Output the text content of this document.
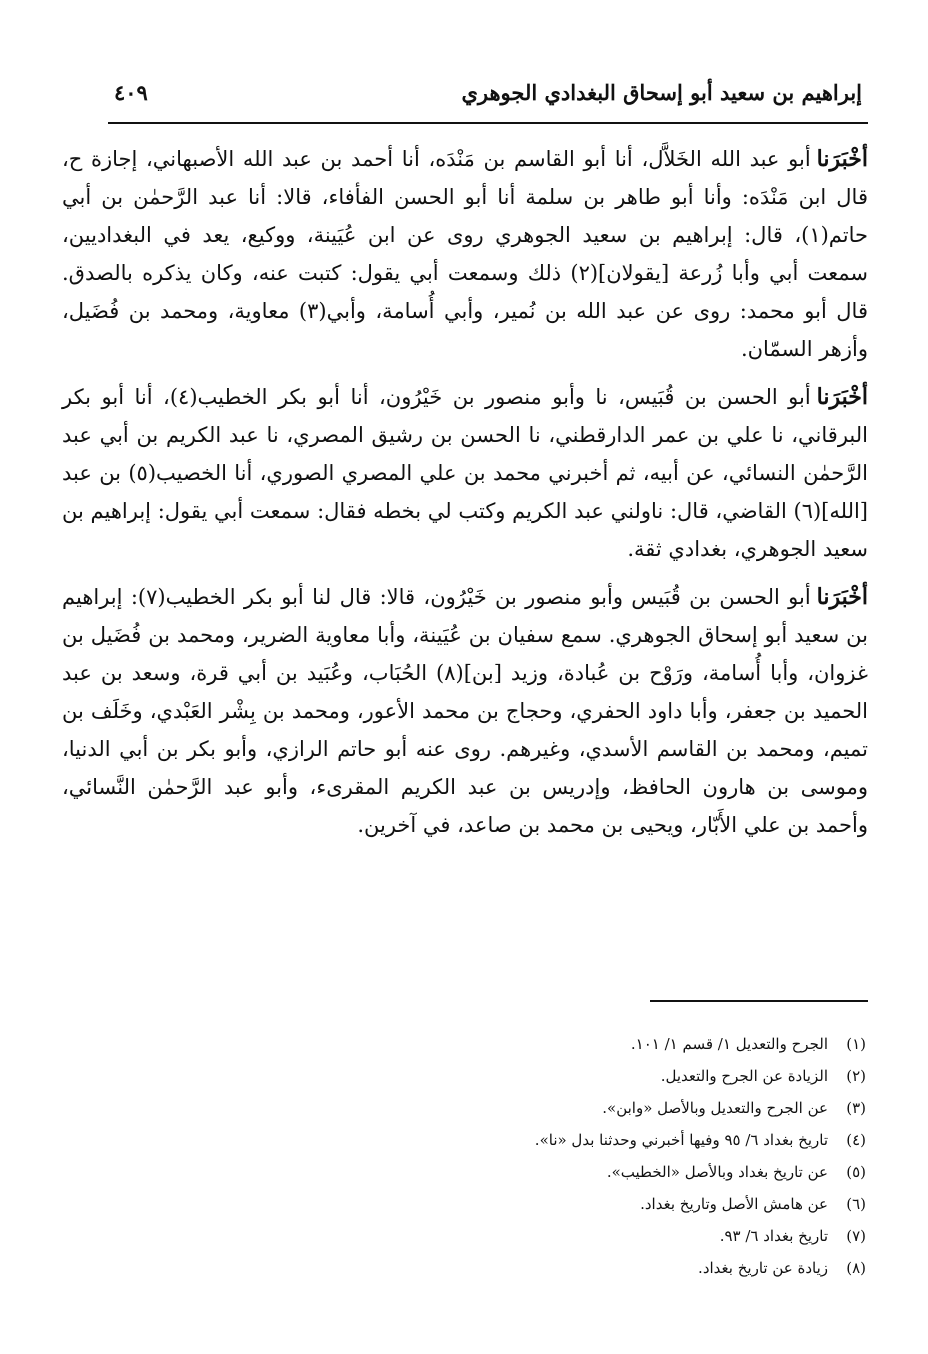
إبراهيم بن سعيد أبو إسحاق البغدادي الجوهري
٤٠٩

أخْبَرَناأبو عبد الله الخَلاَّل، أنا أبو القاسم بن مَنْدَه، أنا أحمد بن عبد الله الأصبهاني، إجازة ح، قال ابن مَنْدَه: وأنا أبو طاهر بن سلمة أنا أبو الحسن الفأفاء، قالا: أنا عبد الرَّحمٰن بن أبي حاتم(١)، قال: إبراهيم بن سعيد الجوهري روى عن ابن عُيَينة، ووكيع، يعد في البغداديين، سمعت أبي وأبا زُرعة [يقولان](٢) ذلك وسمعت أبي يقول: كتبت عنه، وكان يذكره بالصدق. قال أبو محمد: روى عن عبد الله بن نُمير، وأبي أُسامة، وأبي(٣) معاوية، ومحمد بن فُضَيل، وأزهر السمّان.

أخْبَرَناأبو الحسن بن قُبَيس، نا وأبو منصور بن خَيْرُون، أنا أبو بكر الخطيب(٤)، أنا أبو بكر البرقاني، نا علي بن عمر الدارقطني، نا الحسن بن رشيق المصري، نا عبد الكريم بن أبي عبد الرَّحمٰن النسائي، عن أبيه، ثم أخبرني محمد بن علي المصري الصوري، أنا الخصيب(٥) بن عبد [الله](٦) القاضي، قال: ناولني عبد الكريم وكتب لي بخطه فقال: سمعت أبي يقول: إبراهيم بن سعيد الجوهري، بغدادي ثقة.

أخْبَرَناأبو الحسن بن قُبَيس وأبو منصور بن خَيْرُون، قالا: قال لنا أبو بكر الخطيب(٧): إبراهيم بن سعيد أبو إسحاق الجوهري. سمع سفيان بن عُيَينة، وأبا معاوية الضرير، ومحمد بن فُضَيل بن غزوان، وأبا أُسامة، ورَوْح بن عُبادة، وزيد [بن](٨) الحُبَاب، وعُبَيد بن أبي قرة، وسعد بن عبد الحميد بن جعفر، وأبا داود الحفري، وحجاج بن محمد الأعور، ومحمد بن بِشْر العَبْدي، وخَلَف بن تميم، ومحمد بن القاسم الأسدي، وغيرهم. روى عنه أبو حاتم الرازي، وأبو بكر بن أبي الدنيا، وموسى بن هارون الحافظ، وإدريس بن عبد الكريم المقرىء، وأبو عبد الرَّحمٰن النَّسائي، وأحمد بن علي الأَبّار، ويحيى بن محمد بن صاعد، في آخرين.

(١)
الجرح والتعديل ١/ قسم ١/ ١٠١.
(٢)
الزيادة عن الجرح والتعديل.
(٣)
عن الجرح والتعديل وبالأصل «وابن».
(٤)
تاريخ بغداد ٦/ ٩٥ وفيها أخبرني وحدثنا بدل «نا».
(٥)
عن تاريخ بغداد وبالأصل «الخطيب».
(٦)
عن هامش الأصل وتاريخ بغداد.
(٧)
تاريخ بغداد ٦/ ٩٣.
(٨)
زيادة عن تاريخ بغداد.
